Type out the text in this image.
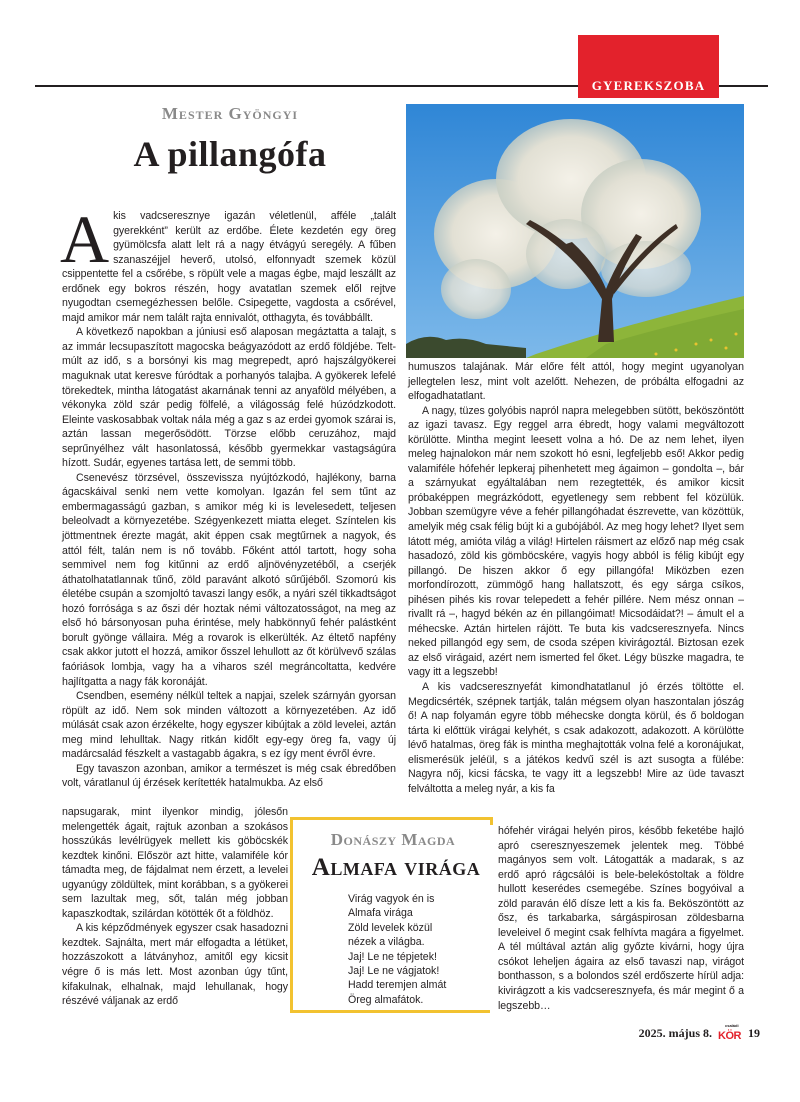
GYEREKSZOBA
Mester Gyöngyi
A pillangófa

Akis vadcseresznye igazán véletlenül, afféle „talált gyerekként” került az erdőbe. Élete kezdetén egy öreg gyümölcsfa alatt lelt rá a nagy étvágyú seregély. A fűben szanaszéjjel heverő, utolsó, elfonnyadt szemek közül csippentette fel a csőrébe, s röpült vele a magas égbe, majd leszállt az erdőnek egy bokros részén, hogy avatatlan szemek elől rejtve nyugodtan csemegézhessen belőle. Csipegette, vagdosta a csőrével, majd amikor már nem talált rajta ennivalót, otthagyta, és továbbállt.

A következő napokban a júniusi eső alaposan megáztatta a talajt, s az immár lecsupaszított magocska beágyazódott az erdő földjébe. Telt-múlt az idő, s a borsónyi kis mag megrepedt, apró hajszálgyökerei maguknak utat keresve fúródtak a porhanyós talajba. A gyökerek lefelé törekedtek, mintha látogatást akarnának tenni az anyaföld mélyében, a vékonyka zöld szár pedig fölfelé, a világosság felé húzódzkodott. Eleinte vaskosabbak voltak nála még a gaz s az erdei gyomok szárai is, aztán lassan megerősödött. Törzse előbb ceruzához, majd seprűnyélhez vált hasonlatossá, később gyermekkar vastagságúra hízott. Sudár, egyenes tartása lett, de semmi több.

Csenevész törzsével, összevissza nyújtózkodó, hajlékony, barna ágacskáival senki nem vette komolyan. Igazán fel sem tűnt az embermagasságú gazban, s amikor még ki is levelesedett, teljesen beleolvadt a környezetébe. Szégyenkezett miatta eleget. Színtelen kis jöttmentnek érezte magát, akit éppen csak megtűrnek a nagyok, és attól félt, talán nem is nő tovább. Főként attól tartott, hogy soha semmivel nem fog kitűnni az erdő aljnövényzetéből, a cserjék áthatolhatatlannak tűnő, zöld paravánt alkotó sűrűjéből. Szomorú kis életébe csupán a szomjoltó tavaszi langy esők, a nyári szél tikkadtságot hozó forrósága s az őszi dér hoztak némi változatosságot, na meg az első hó bársonyosan puha érintése, mely habkönnyű fehér palástként borult gyönge vállaira. Még a rovarok is elkerülték. Az éltető napfény csak akkor jutott el hozzá, amikor ősszel lehullott az őt körülvevő szálas faóriások lombja, vagy ha a viharos szél megráncoltatta, kedvére hajlítgatta a nagy fák koronáját.

Csendben, esemény nélkül teltek a napjai, szelek szárnyán gyorsan röpült az idő. Nem sok minden változott a környezetében. Az idő múlását csak azon érzékelte, hogy egyszer kibújtak a zöld levelei, aztán meg mind lehulltak. Nagy ritkán kidőlt egy-egy öreg fa, vagy új madárcsalád fészkelt a vastagabb ágakra, s ez így ment évről évre.

Egy tavaszon azonban, amikor a természet is még csak ébredőben volt, váratlanul új érzések kerítették hatalmukba. Az első

napsugarak, mint ilyenkor mindig, jólesőn melengették ágait, rajtuk azonban a szokásos hosszúkás levélrügyek mellett kis göböcskék kezdtek kinőni. Először azt hitte, valamiféle kór támadta meg, de fájdalmat nem érzett, a levelei ugyanúgy zöldültek, mint korábban, s a gyökerei sem lazultak meg, sőt, talán még jobban kapaszkodtak, szilárdan kötötték őt a földhöz.

A kis képződmények egyszer csak hasadozni kezdtek. Sajnálta, mert már elfogadta a létüket, hozzászokott a látványhoz, amitől egy kicsit végre ő is más lett. Most azonban úgy tűnt, kifakulnak, elhalnak, majd lehullanak, hogy részévé váljanak az erdő

humuszos talajának. Már előre félt attól, hogy megint ugyanolyan jellegtelen lesz, mint volt azelőtt. Nehezen, de próbálta elfogadni az elfogadhatatlant.

A nagy, tüzes golyóbis napról napra melegebben sütött, beköszöntött az igazi tavasz. Egy reggel arra ébredt, hogy valami megváltozott körülötte. Mintha megint leesett volna a hó. De az nem lehet, ilyen meleg hajnalokon már nem szokott hó esni, legfeljebb eső! Akkor pedig valamiféle hófehér lepkeraj pihenhetett meg ágaimon – gondolta –, bár a szárnyukat egyáltalában nem rezegtették, és amikor kicsit próbaképpen megrázkódott, egyetlenegy sem rebbent fel közülük. Jobban szemügyre véve a fehér pillangóhadat észrevette, van közöttük, amelyik még csak félig bújt ki a gubójából. Az meg hogy lehet? Ilyet sem látott még, amióta világ a világ! Hirtelen ráismert az előző nap még csak hasadozó, zöld kis gömböcskére, vagyis hogy abból is félig kibújt egy pillangó. De hiszen akkor ő egy pillangófa! Miközben ezen morfondírozott, zümmögő hang hallatszott, és egy sárga csíkos, pihésen pihés kis rovar telepedett a fehér pillére. Nem mész onnan – rivallt rá –, hagyd békén az én pillangóimat! Micsodáidat?! – ámult el a méhecske. Aztán hirtelen rájött. Te buta kis vadcseresznyefa. Nincs neked pillangód egy sem, de csoda szépen kivirágoztál. Biztosan ezek az első virágaid, azért nem ismerted fel őket. Légy büszke magadra, te vagy itt a legszebb!

A kis vadcseresznyefát kimondhatatlanul jó érzés töltötte el. Megdicsérték, szépnek tartják, talán mégsem olyan haszontalan jószág ő! A nap folyamán egyre több méhecske dongta körül, és ő boldogan tárta ki előttük virágai kelyhét, s csak adakozott, adakozott. A körülötte lévő hatalmas, öreg fák is mintha meghajtották volna felé a koronájukat, elismerésük jeléül, s a játékos kedvű szél is azt susogta a fülébe: Nagyra nőj, kicsi fácska, te vagy itt a legszebb! Mire az üde tavaszt felváltotta a meleg nyár, a kis fa

hófehér virágai helyén piros, később feketébe hajló apró cseresznyeszemek jelentek meg. Többé magányos sem volt. Látogatták a madarak, s az erdő apró rágcsálói is bele-belekóstoltak a földre hullott keserédes csemegébe. Színes bogyóival a zöld paraván élő dísze lett a kis fa. Beköszöntött az ősz, és tarkabarka, sárgáspirosan zöldesbarna leveleivel ő megint csak felhívta magára a figyelmet. A tél múltával aztán alig győzte kivárni, hogy újra csókot leheljen ágaira az első tavaszi nap, virágot bonthasson, s a bolondos szél erdőszerte hírül adja: kivirágzott a kis vadcseresznyefa, és már megint ő a legszebb…

Donászy Magda
Almafa virága
Virág vagyok én is
Almafa virága
Zöld levelek közül
nézek a világba.
Jaj! Le ne tépjetek!
Jaj! Le ne vágjatok!
Hadd teremjen almát
Öreg almafátok.
2025. május 8.
családi
KÖR 19
